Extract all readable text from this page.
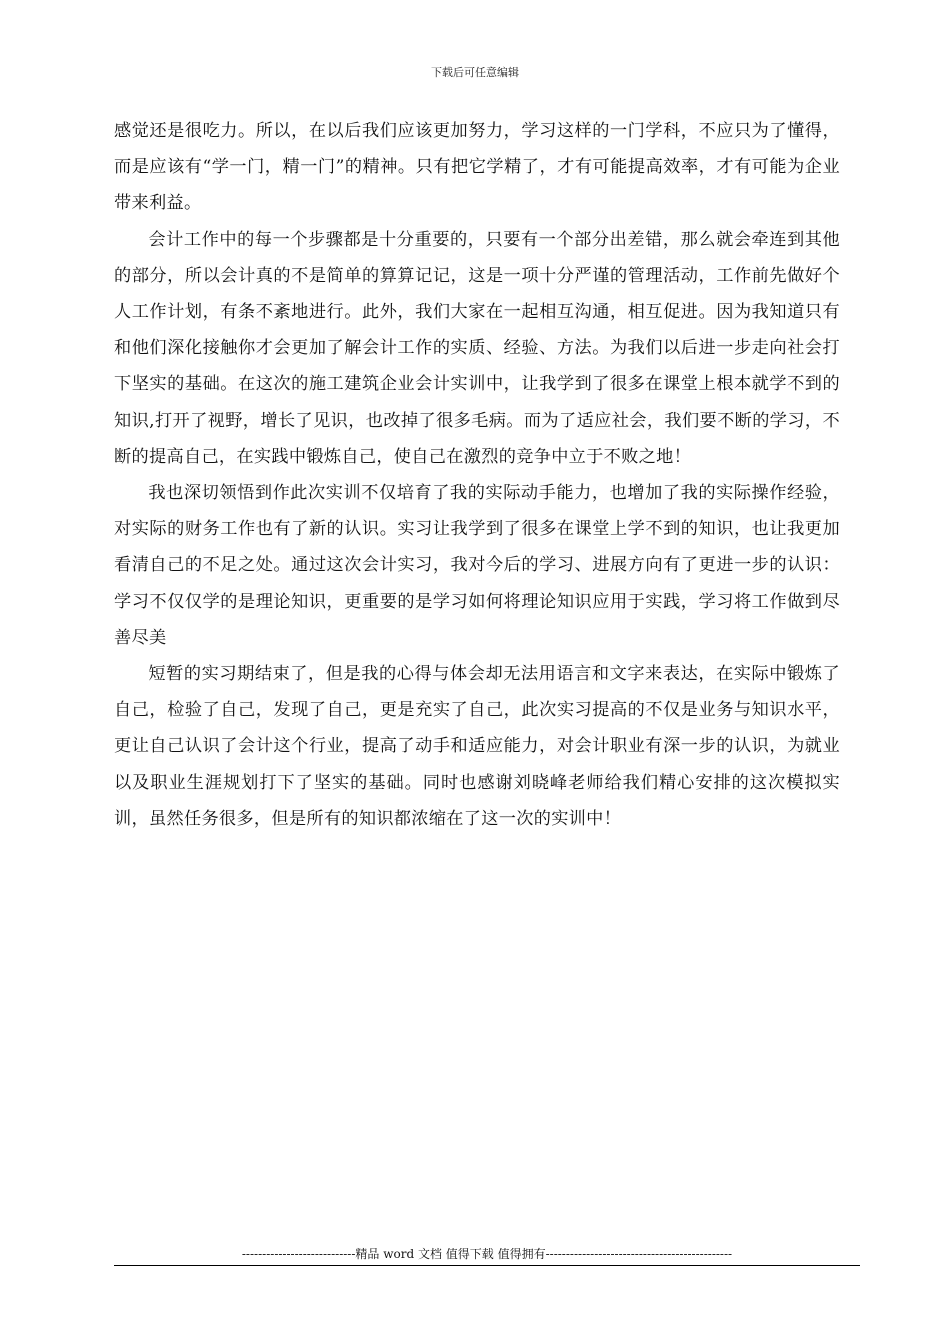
下载后可任意编辑

感觉还是很吃力。所以，在以后我们应该更加努力，学习这样的一门学科，不应只为了懂得，而是应该有“学一门，精一门”的精神。只有把它学精了，才有可能提高效率，才有可能为企业带来利益。

会计工作中的每一个步骤都是十分重要的，只要有一个部分出差错，那么就会牵连到其他的部分，所以会计真的不是简单的算算记记，这是一项十分严谨的管理活动，工作前先做好个人工作计划，有条不紊地进行。此外，我们大家在一起相互沟通，相互促进。因为我知道只有和他们深化接触你才会更加了解会计工作的实质、经验、方法。为我们以后进一步走向社会打下坚实的基础。在这次的施工建筑企业会计实训中，让我学到了很多在课堂上根本就学不到的知识,打开了视野，增长了见识，也改掉了很多毛病。而为了适应社会，我们要不断的学习，不断的提高自己，在实践中锻炼自己，使自己在激烈的竞争中立于不败之地！

我也深切领悟到作此次实训不仅培育了我的实际动手能力，也增加了我的实际操作经验，对实际的财务工作也有了新的认识。实习让我学到了很多在课堂上学不到的知识，也让我更加看清自己的不足之处。通过这次会计实习，我对今后的学习、进展方向有了更进一步的认识：学习不仅仅学的是理论知识，更重要的是学习如何将理论知识应用于实践，学习将工作做到尽善尽美

短暂的实习期结束了，但是我的心得与体会却无法用语言和文字来表达，在实际中锻炼了自己，检验了自己，发现了自己，更是充实了自己，此次实习提高的不仅是业务与知识水平，更让自己认识了会计这个行业，提高了动手和适应能力，对会计职业有深一步的认识，为就业以及职业生涯规划打下了坚实的基础。同时也感谢刘晓峰老师给我们精心安排的这次模拟实训，虽然任务很多，但是所有的知识都浓缩在了这一次的实训中！

----------------------------精品 word 文档 值得下载 值得拥有----------------------------------------------
